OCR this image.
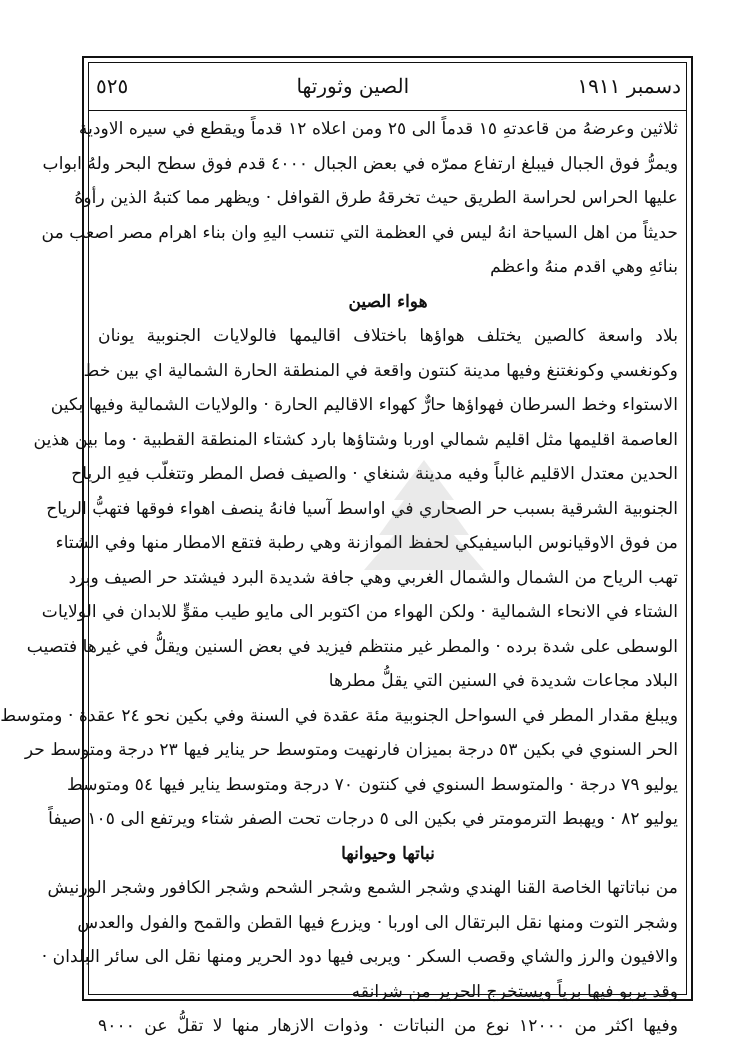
دسمبر ١٩١١
الصين وثورتها
٥٢٥
ثلاثين وعرضهُ من قاعدتهِ ١٥ قدماً الى ٢٥ ومن اعلاه ١٢ قدماً ويقطع في سيره الاودية
ويمرُّ فوق الجبال فيبلغ ارتفاع ممرّه في بعض الجبال ٤٠٠٠ قدم فوق سطح البحر ولهُ ابواب
عليها الحراس لحراسة الطريق حيث تخرقهُ طرق القوافل · ويظهر مما كتبهُ الذين رأوهُ
حديثاً من اهل السياحة انهُ ليس في العظمة التي تنسب اليهِ وان بناء اهرام مصر اصعب من
بنائهِ وهي اقدم منهُ واعظم
هواء الصين
بلاد واسعة كالصين يختلف هواؤها باختلاف اقاليمها فالولايات الجنوبية يونان
وكونغسي وكونغتنغ وفيها مدينة كنتون واقعة في المنطقة الحارة الشمالية اي بين خط
الاستواء وخط السرطان فهواؤها حارٌّ كهواء الاقاليم الحارة · والولايات الشمالية وفيها بكين
العاصمة اقليمها مثل اقليم شمالي اوربا وشتاؤها بارد كشتاء المنطقة القطبية · وما بين هذين
الحدين معتدل الاقليم غالباً وفيه مدينة شنغاي · والصيف فصل المطر وتتغلّب فيهِ الرياح
الجنوبية الشرقية بسبب حر الصحاري في اواسط آسيا فانهُ ينصف اهواء فوقها فتهبُّ الرياح
من فوق الاوقيانوس الباسيفيكي لحفظ الموازنة وهي رطبة فتقع الامطار منها وفي الشتاء
تهب الرياح من الشمال والشمال الغربي وهي جافة شديدة البرد فيشتد حر الصيف وبرد
الشتاء في الانحاء الشمالية · ولكن الهواء من اكتوبر الى مايو طيب مقوٍّ للابدان في الولايات
الوسطى على شدة برده · والمطر غير منتظم فيزيد في بعض السنين ويقلُّ في غيرها فتصيب
البلاد مجاعات شديدة في السنين التي يقلُّ مطرها
ويبلغ مقدار المطر في السواحل الجنوبية مئة عقدة في السنة وفي بكين نحو ٢٤ عقدة · ومتوسط
الحر السنوي في بكين ٥٣ درجة بميزان فارنهيت ومتوسط حر يناير فيها ٢٣ درجة ومتوسط حر
يوليو ٧٩ درجة · والمتوسط السنوي في كنتون ٧٠ درجة ومتوسط يناير فيها ٥٤ ومتوسط
يوليو ٨٢ · ويهبط الترمومتر في بكين الى ٥ درجات تحت الصفر شتاء ويرتفع الى ١٠٥ صيفاً
نباتها وحيوانها
من نباتاتها الخاصة القنا الهندي وشجر الشمع وشجر الشحم وشجر الكافور وشجر الورنيش
وشجر التوت ومنها نقل البرتقال الى اوربا · ويزرع فيها القطن والقمح والفول والعدس
والافيون والرز والشاي وقصب السكر · ويربى فيها دود الحرير ومنها نقل الى سائر البلدان ·
وقد يربو فيها برياً ويستخرج الحرير من شرانقهِ
وفيها اكثر من ١٢٠٠٠ نوع من النباتات · وذوات الازهار منها لا تقلُّ عن ٩٠٠٠
